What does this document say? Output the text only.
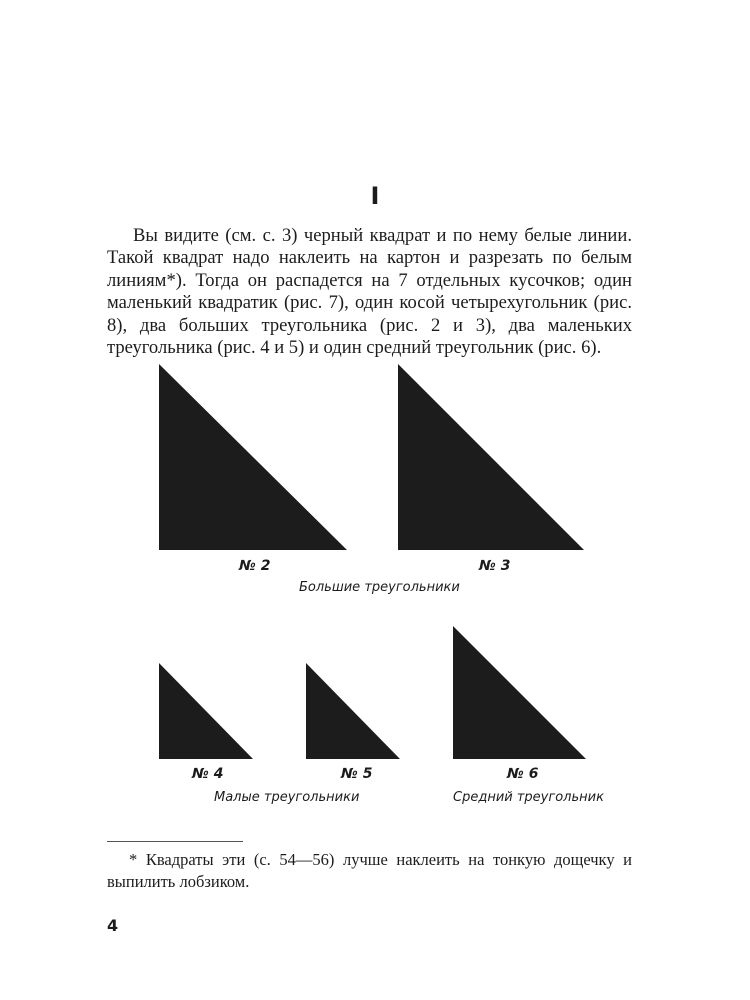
I

Вы видите (см. с. 3) черный квадрат и по нему белые линии. Такой квадрат надо наклеить на картон и разрезать по белым линиям*). Тогда он распадется на 7 отдельных кусочков; один маленький квадратик (рис. 7), один косой четырехугольник (рис. 8), два больших треугольника (рис. 2 и 3), два маленьких треугольника (рис. 4 и 5) и один средний треугольник (рис. 6).

№ 2	№ 3
Большие треугольники
№ 4	№ 5
Малые треугольники
№ 6
Средний треугольник

* Квадраты эти (с. 54—56) лучше наклеить на тонкую дощечку и выпилить лобзиком.

4
